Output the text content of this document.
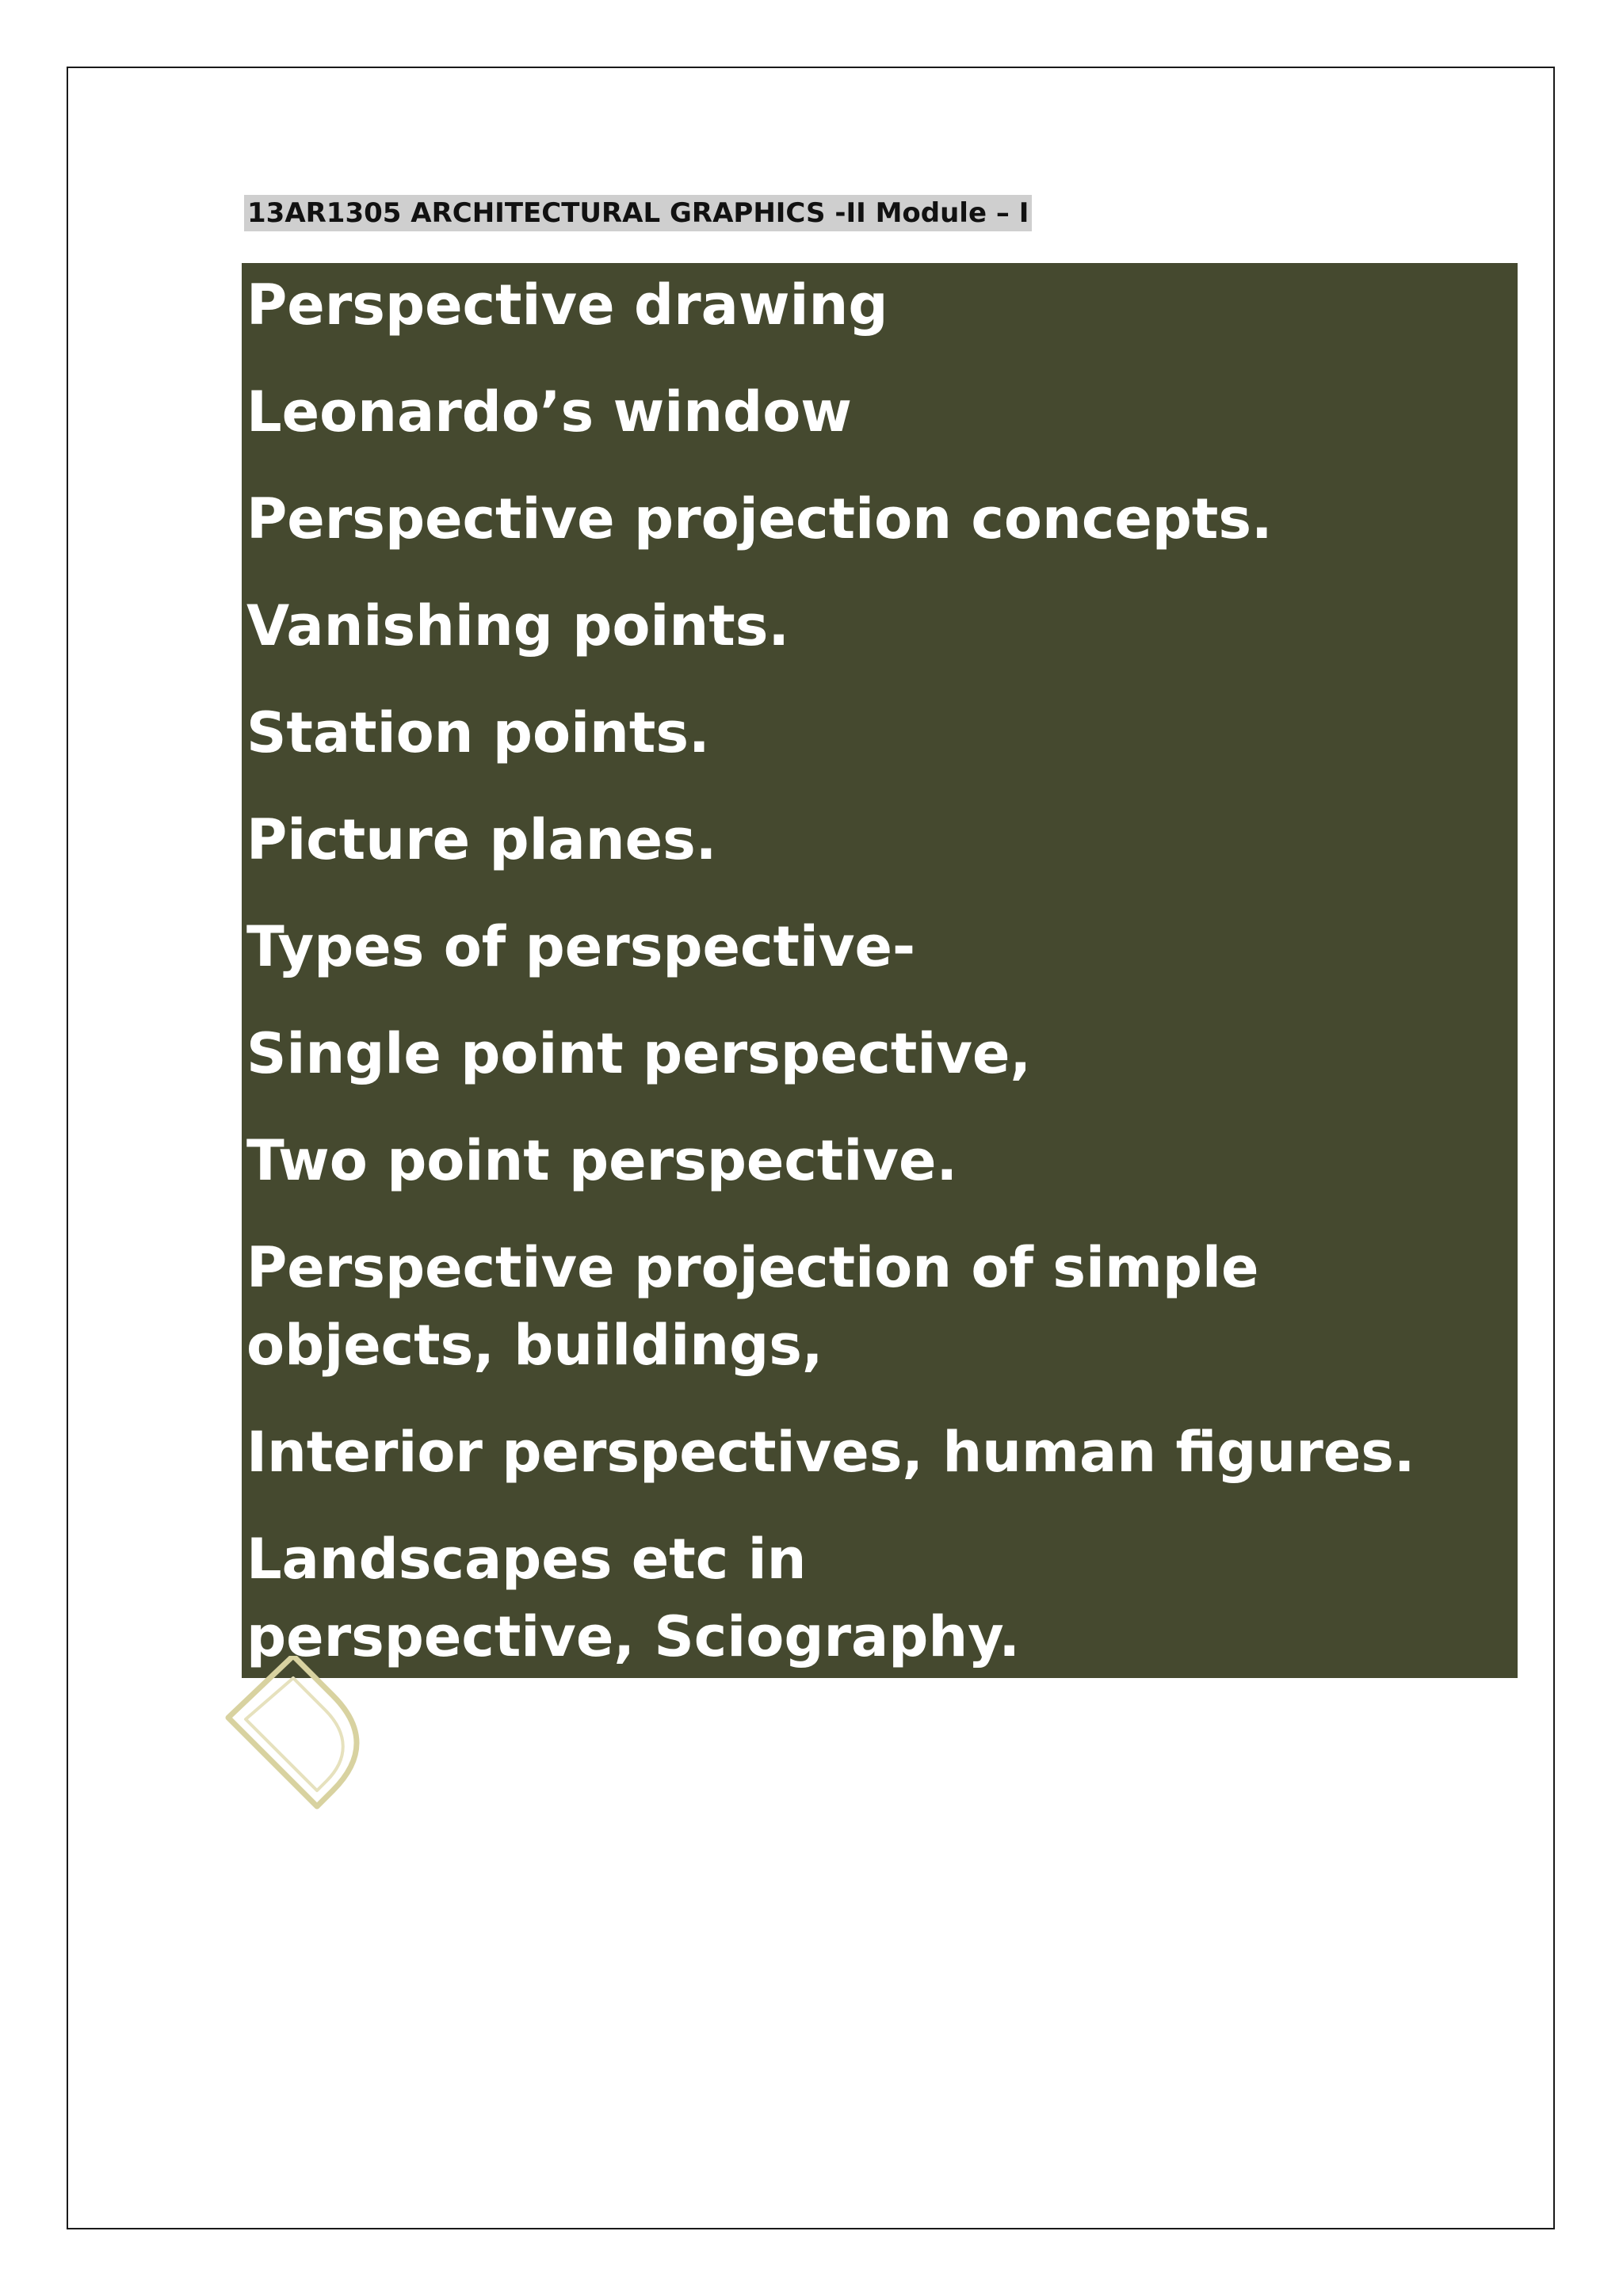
13AR1305 ARCHITECTURAL GRAPHICS -II Module – I
Perspective drawing
Leonardo’s window
Perspective projection concepts.
Vanishing points.
Station points.
Picture planes.
Types of perspective-
Single point perspective,
Two point perspective.
Perspective projection of simple objects, buildings,
Interior perspectives, human figures.
Landscapes etc in perspective, Sciography.
